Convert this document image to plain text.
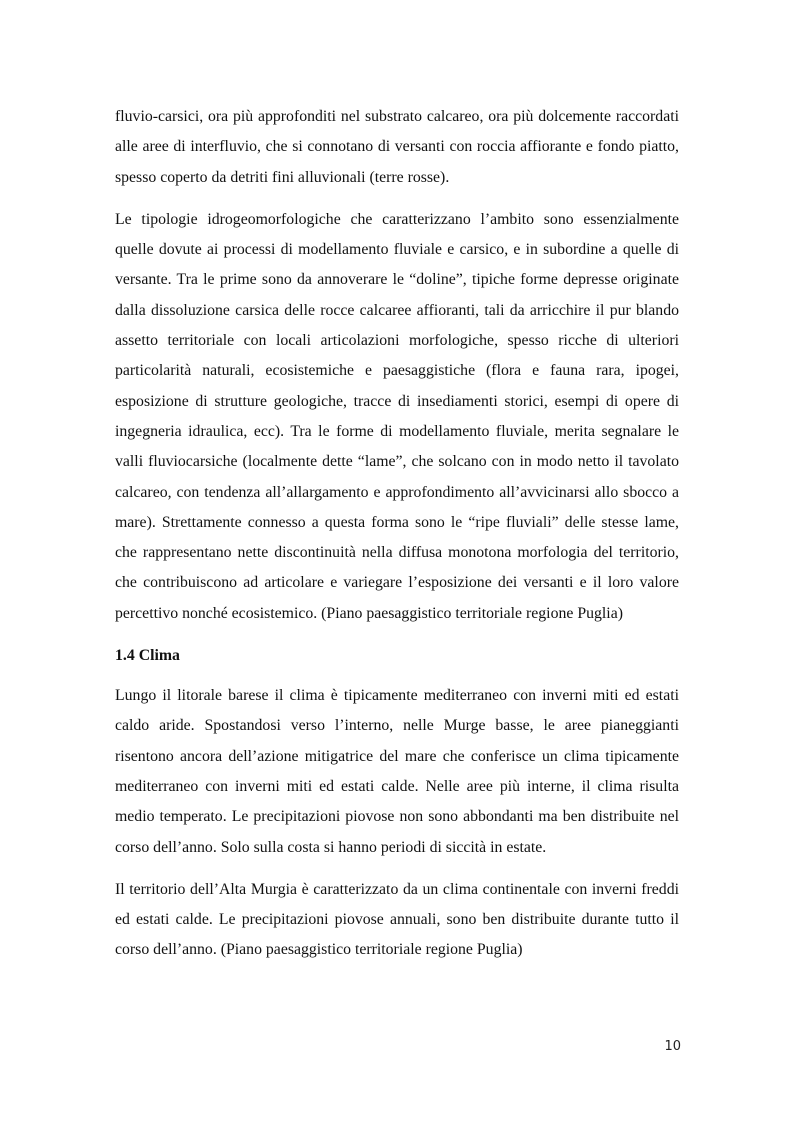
fluvio-carsici, ora più approfonditi nel substrato calcareo, ora più dolcemente raccordati alle aree di interfluvio, che si connotano di versanti con roccia affiorante e fondo piatto, spesso coperto da detriti fini alluvionali (terre rosse).

Le tipologie idrogeomorfologiche che caratterizzano l’ambito sono essenzialmente quelle dovute ai processi di modellamento fluviale e carsico, e in subordine a quelle di versante. Tra le prime sono da annoverare le “doline”, tipiche forme depresse originate dalla dissoluzione carsica delle rocce calcaree affioranti, tali da arricchire il pur blando assetto territoriale con locali articolazioni morfologiche, spesso ricche di ulteriori particolarità naturali, ecosistemiche e paesaggistiche (flora e fauna rara, ipogei, esposizione di strutture geologiche, tracce di insediamenti storici, esempi di opere di ingegneria idraulica, ecc). Tra le forme di modellamento fluviale, merita segnalare le valli fluviocarsiche (localmente dette “lame”, che solcano con in modo netto il tavolato calcareo, con tendenza all’allargamento e approfondimento all’avvicinarsi allo sbocco a mare). Strettamente connesso a questa forma sono le “ripe fluviali” delle stesse lame, che rappresentano nette discontinuità nella diffusa monotona morfologia del territorio, che contribuiscono ad articolare e variegare l’esposizione dei versanti e il loro valore percettivo nonché ecosistemico. (Piano paesaggistico territoriale regione Puglia)

1.4 Clima

Lungo il litorale barese il clima è tipicamente mediterraneo con inverni miti ed estati caldo aride. Spostandosi verso l’interno, nelle Murge basse, le aree pianeggianti risentono ancora dell’azione mitigatrice del mare che conferisce un clima tipicamente mediterraneo con inverni miti ed estati calde. Nelle aree più interne, il clima risulta medio temperato. Le precipitazioni piovose non sono abbondanti ma ben distribuite nel corso dell’anno. Solo sulla costa si hanno periodi di siccità in estate.

Il territorio dell’Alta Murgia è caratterizzato da un clima continentale con inverni freddi ed estati calde. Le precipitazioni piovose annuali, sono ben distribuite durante tutto il corso dell’anno. (Piano paesaggistico territoriale regione Puglia)

10
